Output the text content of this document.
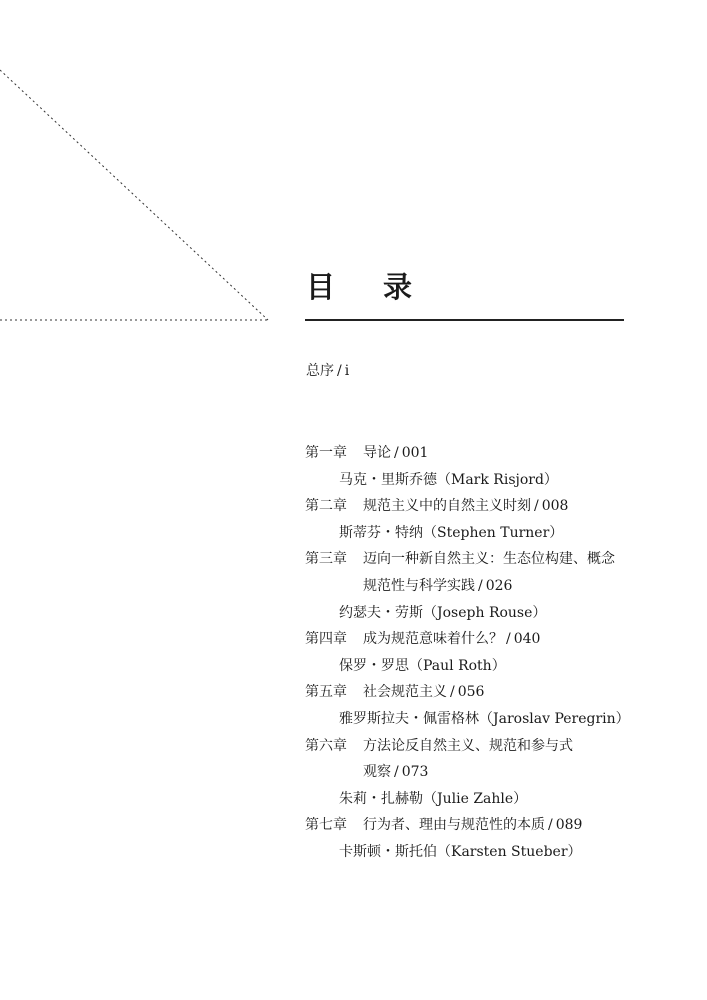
目 录
总序 / i
第一章 导论 / 001
马克・里斯乔德（Mark Risjord）
第二章 规范主义中的自然主义时刻 / 008
斯蒂芬・特纳（Stephen Turner）
第三章 迈向一种新自然主义：生态位构建、概念
规范性与科学实践 / 026
约瑟夫・劳斯（Joseph Rouse）
第四章 成为规范意味着什么？ / 040
保罗・罗思（Paul Roth）
第五章 社会规范主义 / 056
雅罗斯拉夫・佩雷格林（Jaroslav Peregrin）
第六章 方法论反自然主义、规范和参与式
观察 / 073
朱莉・扎赫勒（Julie Zahle）
第七章 行为者、理由与规范性的本质 / 089
卡斯顿・斯托伯（Karsten Stueber）
